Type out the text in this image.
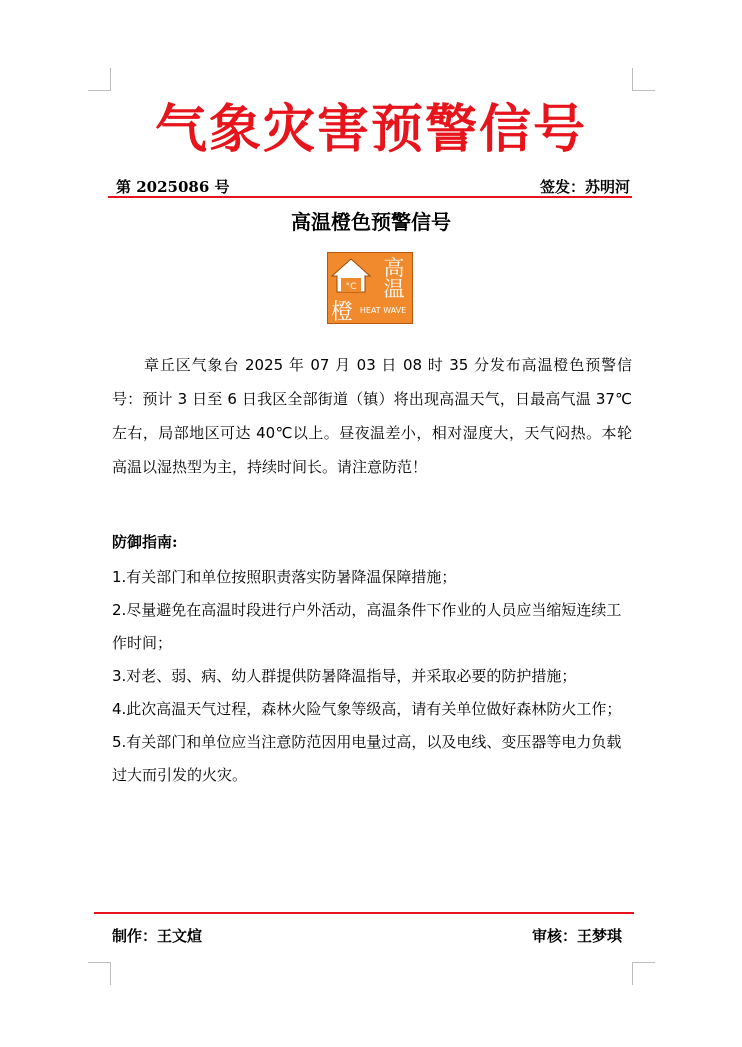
气象灾害预警信号
第 2025086 号	签发：苏明河
高温橙色预警信号
°C
高
温
橙 HEAT WAVE
章丘区气象台 2025 年 07 月 03 日 08 时 35 分发布高温橙色预警信号：预计 3 日至 6 日我区全部街道（镇）将出现高温天气，日最高气温 37℃左右，局部地区可达 40℃以上。昼夜温差小，相对湿度大，天气闷热。本轮高温以湿热型为主，持续时间长。请注意防范！
防御指南:
1.有关部门和单位按照职责落实防暑降温保障措施；
2.尽量避免在高温时段进行户外活动，高温条件下作业的人员应当缩短连续工作时间；
3.对老、弱、病、幼人群提供防暑降温指导，并采取必要的防护措施；
4.此次高温天气过程，森林火险气象等级高，请有关单位做好森林防火工作；
5.有关部门和单位应当注意防范因用电量过高，以及电线、变压器等电力负载过大而引发的火灾。
制作：王文煊	审核：王梦琪
